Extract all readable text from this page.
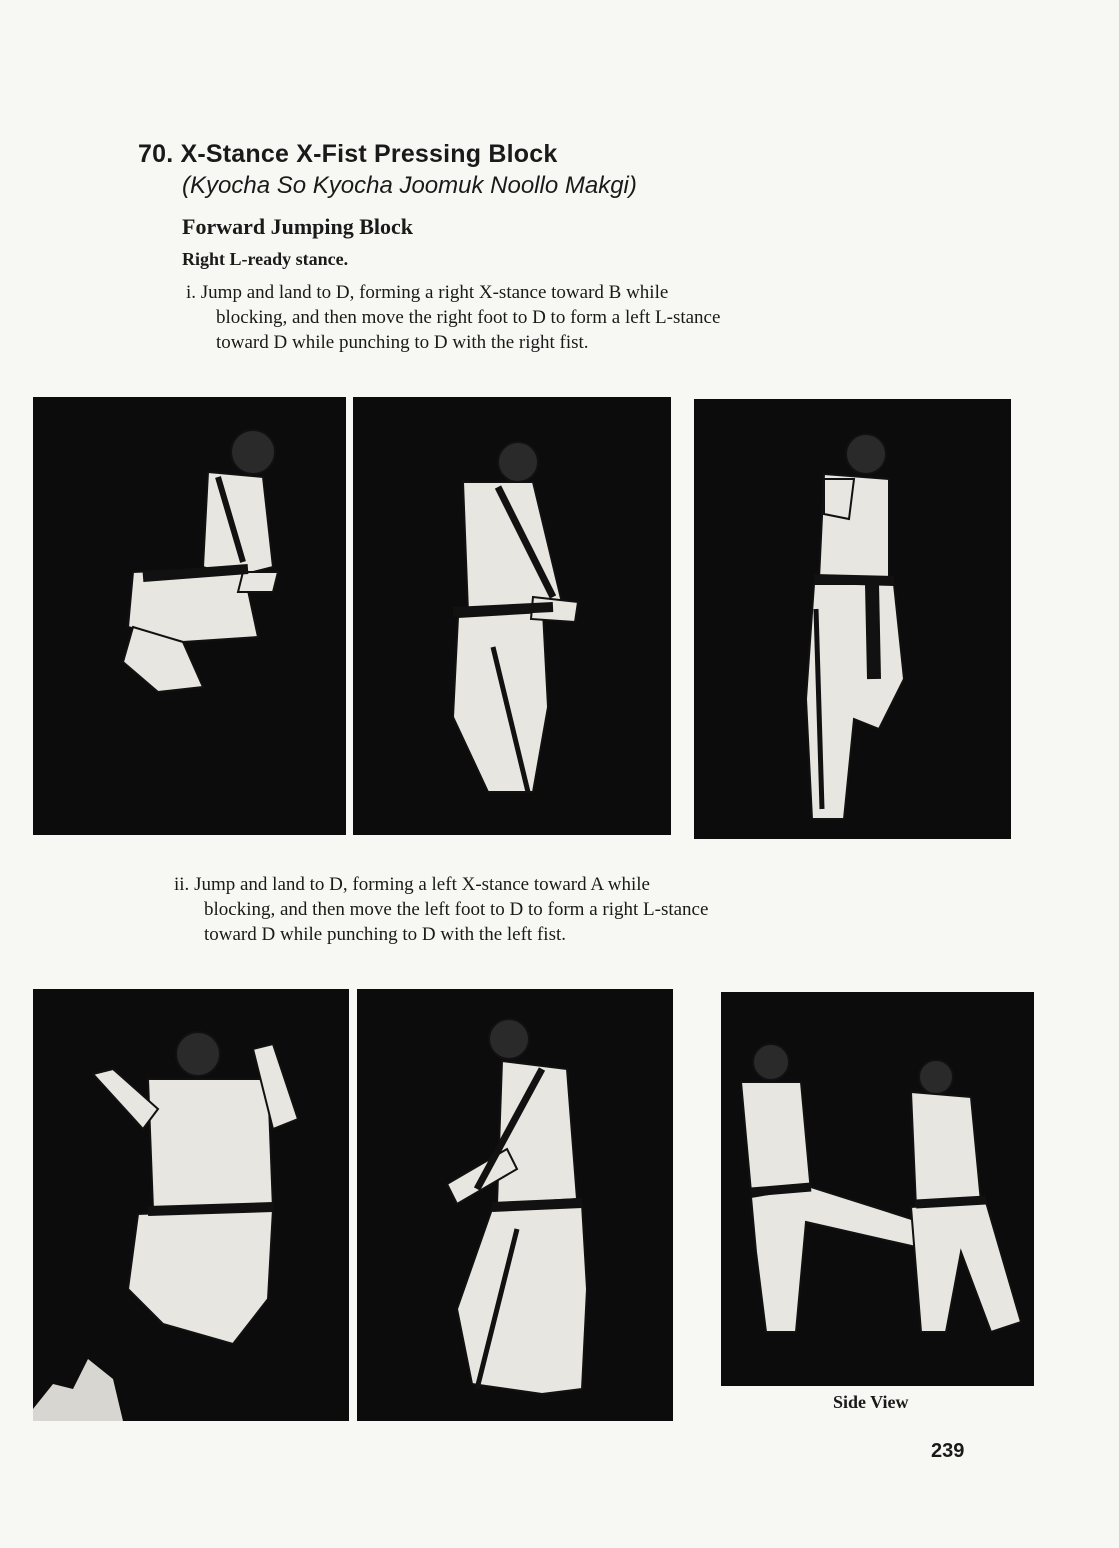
70. X-Stance X-Fist Pressing Block
(Kyocha So Kyocha Joomuk Noollo Makgi)
Forward Jumping Block
Right L-ready stance.
i. Jump and land to D, forming a right X-stance toward B while
blocking, and then move the right foot to D to form a left L-stance
toward D while punching to D with the right fist.
ii. Jump and land to D, forming a left X-stance toward A while
blocking, and then move the left foot to D to form a right L-stance
toward D while punching to D with the left fist.
Side View
239
